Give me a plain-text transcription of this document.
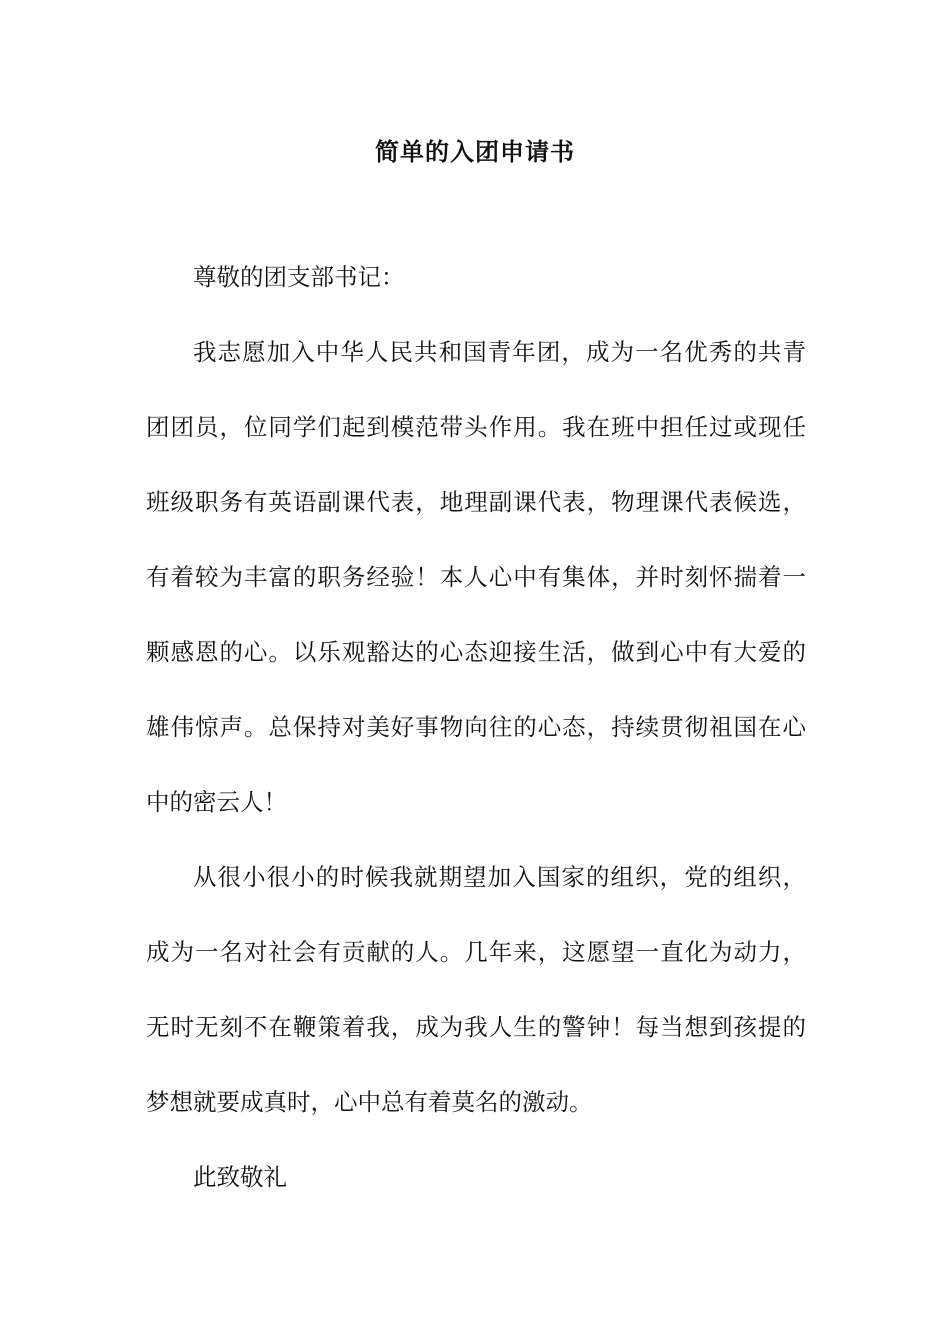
简单的入团申请书
尊敬的团支部书记：
我志愿加入中华人民共和国青年团，成为一名优秀的共青
团团员，位同学们起到模范带头作用。我在班中担任过或现任
班级职务有英语副课代表，地理副课代表，物理课代表候选，
有着较为丰富的职务经验！本人心中有集体，并时刻怀揣着一
颗感恩的心。以乐观豁达的心态迎接生活，做到心中有大爱的
雄伟惊声。总保持对美好事物向往的心态，持续贯彻祖国在心
中的密云人！
从很小很小的时候我就期望加入国家的组织，党的组织，
成为一名对社会有贡献的人。几年来，这愿望一直化为动力，
无时无刻不在鞭策着我，成为我人生的警钟！每当想到孩提的
梦想就要成真时，心中总有着莫名的激动。
此致敬礼
